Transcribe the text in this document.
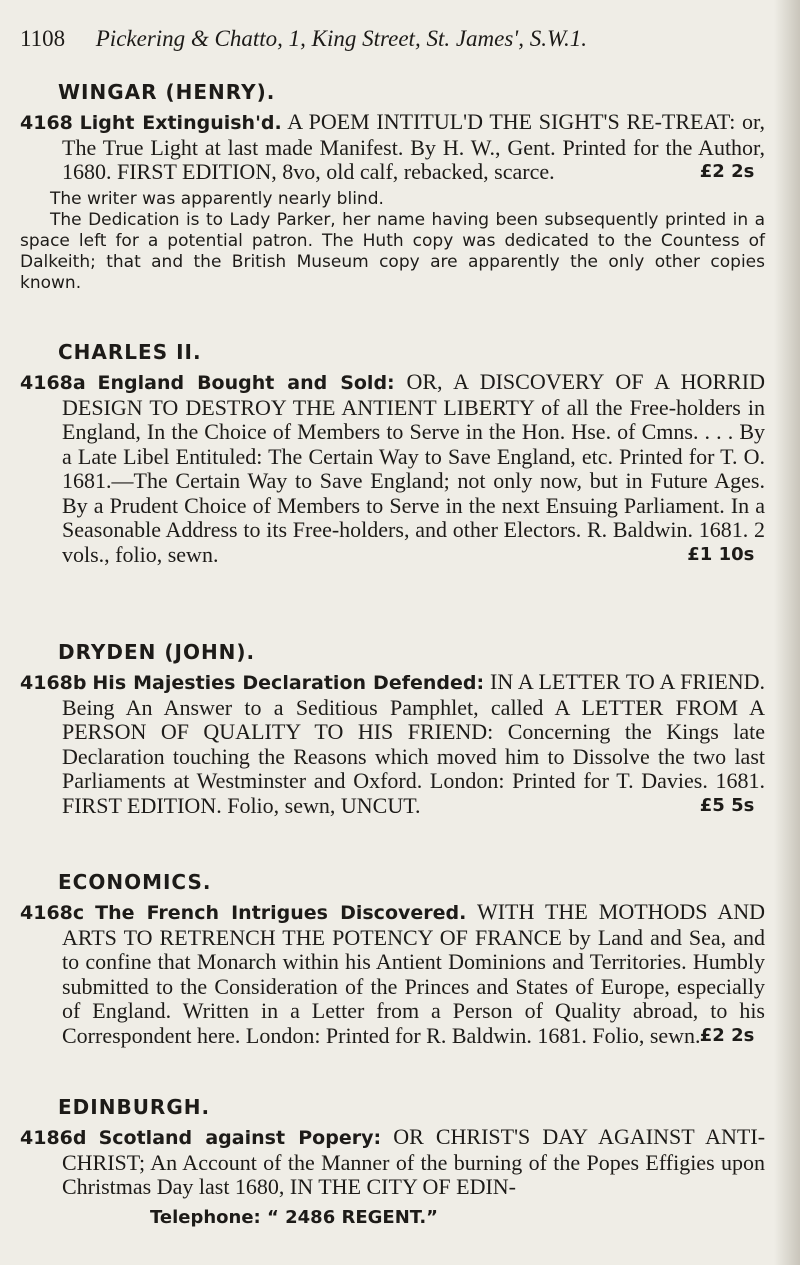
1108 Pickering & Chatto, 1, King Street, St. James', S.W.1.
WINGAR (HENRY).
4168 Light Extinguish'd. A POEM INTITUL'D THE SIGHT'S RE-TREAT: or, The True Light at last made Manifest. By H. W., Gent. Printed for the Author, 1680. FIRST EDITION, 8vo, old calf, rebacked, scarce.	£2 2s

The writer was apparently nearly blind.

The Dedication is to Lady Parker, her name having been subsequently printed in a space left for a potential patron. The Huth copy was dedicated to the Countess of Dalkeith; that and the British Museum copy are apparently the only other copies known.

CHARLES II.
4168a England Bought and Sold: OR, A DISCOVERY OF A HORRID DESIGN TO DESTROY THE ANTIENT LIBERTY of all the Free-holders in England, In the Choice of Members to Serve in the Hon. Hse. of Cmns. . . . By a Late Libel Entituled: The Certain Way to Save England, etc. Printed for T. O. 1681.—The Certain Way to Save England; not only now, but in Future Ages. By a Prudent Choice of Members to Serve in the next Ensuing Parliament. In a Seasonable Address to its Free-holders, and other Electors. R. Baldwin. 1681. 2 vols., folio, sewn.	£1 10s
DRYDEN (JOHN).
4168b His Majesties Declaration Defended: IN A LETTER TO A FRIEND. Being An Answer to a Seditious Pamphlet, called A LETTER FROM A PERSON OF QUALITY TO HIS FRIEND: Concerning the Kings late Declaration touching the Reasons which moved him to Dissolve the two last Parliaments at Westminster and Oxford. London: Printed for T. Davies. 1681. FIRST EDITION. Folio, sewn, UNCUT.	£5 5s
ECONOMICS.
4168c The French Intrigues Discovered. WITH THE MOTHODS AND ARTS TO RETRENCH THE POTENCY OF FRANCE by Land and Sea, and to confine that Monarch within his Antient Dominions and Territories. Humbly submitted to the Consideration of the Princes and States of Europe, especially of England. Written in a Letter from a Person of Quality abroad, to his Correspondent here. London: Printed for R. Baldwin. 1681. Folio, sewn. £2 2s
EDINBURGH.
4186d Scotland against Popery: OR CHRIST'S DAY AGAINST ANTI-CHRIST; An Account of the Manner of the burning of the Popes Effigies upon Christmas Day last 1680, IN THE CITY OF EDIN-
Telephone: “ 2486 REGENT.”
